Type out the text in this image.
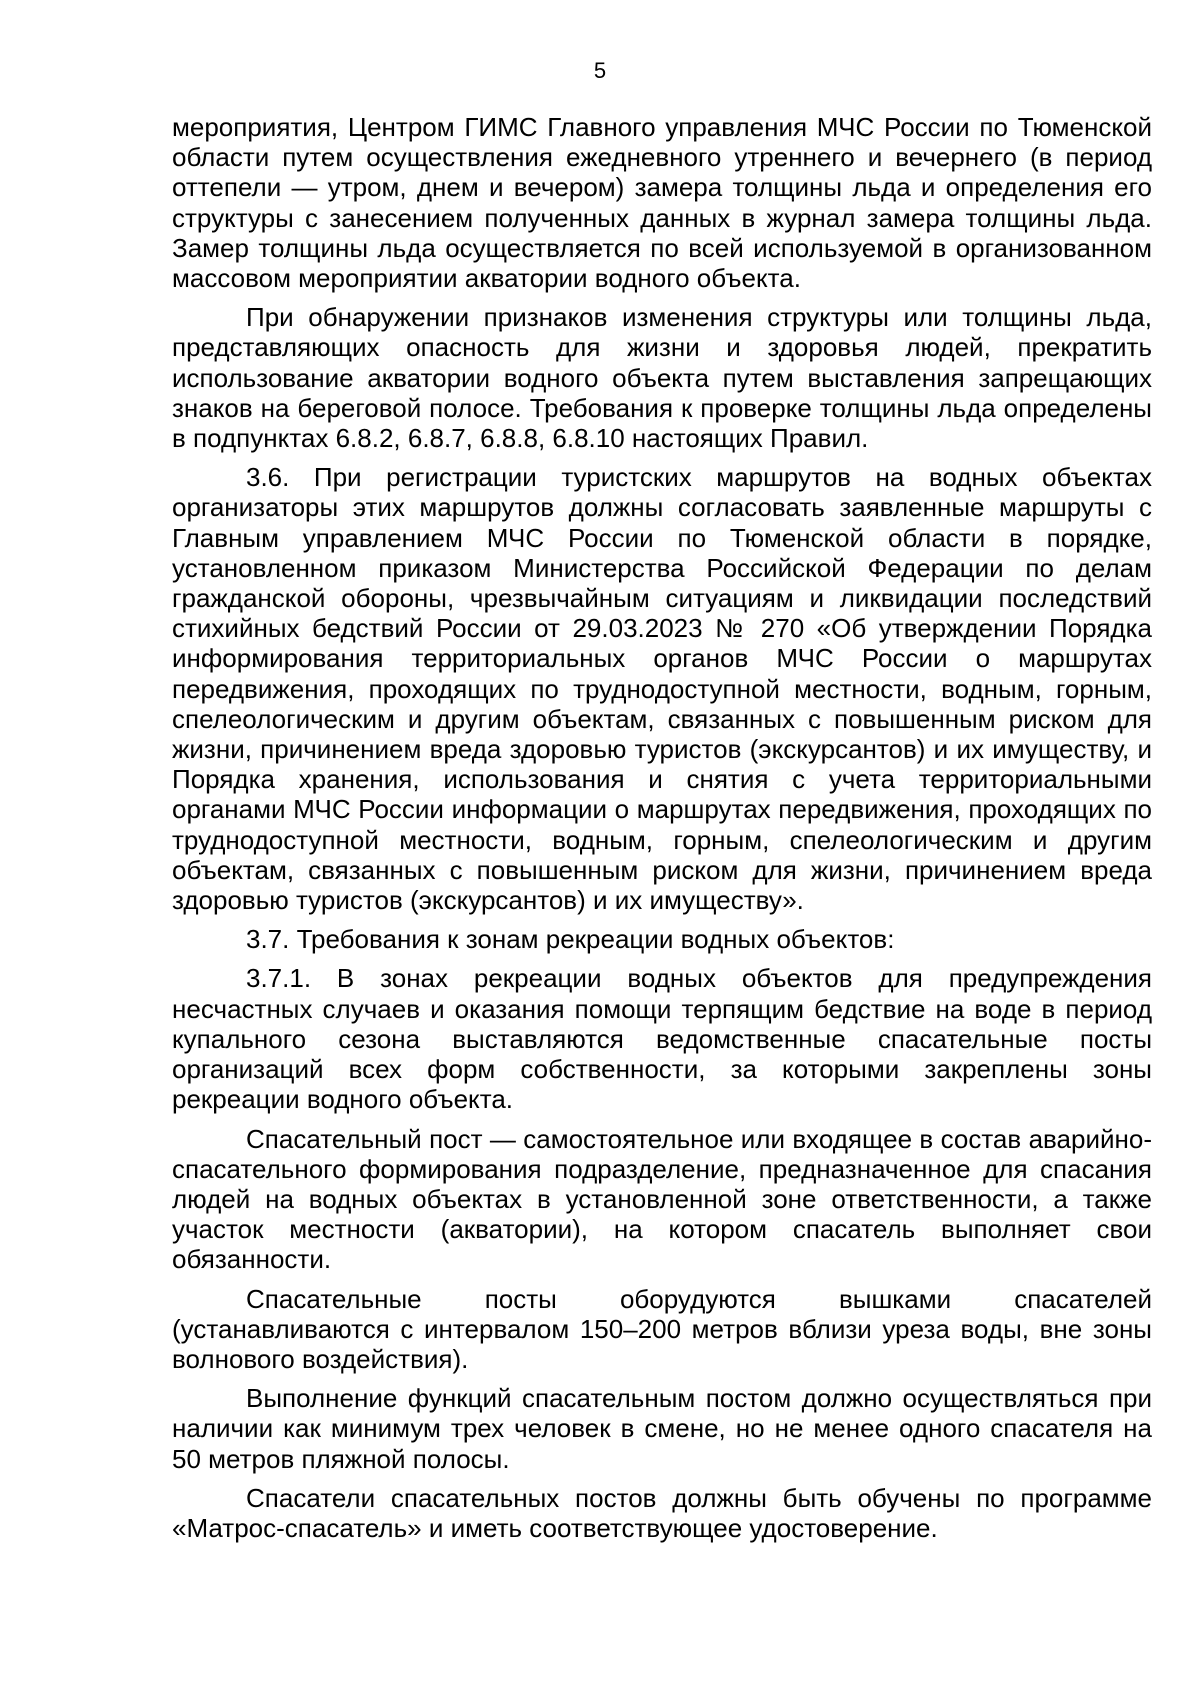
5

мероприятия, Центром ГИМС Главного управления МЧС России по Тюменской области путем осуществления ежедневного утреннего и вечернего (в период оттепели — утром, днем и вечером) замера толщины льда и определения его структуры с занесением полученных данных в журнал замера толщины льда. Замер толщины льда осуществляется по всей используемой в организованном массовом мероприятии акватории водного объекта.

При обнаружении признаков изменения структуры или толщины льда, представляющих опасность для жизни и здоровья людей, прекратить использование акватории водного объекта путем выставления запрещающих знаков на береговой полосе. Требования к проверке толщины льда определены в подпунктах 6.8.2, 6.8.7, 6.8.8, 6.8.10 настоящих Правил.

3.6. При регистрации туристских маршрутов на водных объектах организаторы этих маршрутов должны согласовать заявленные маршруты с Главным управлением МЧС России по Тюменской области в порядке, установленном приказом Министерства Российской Федерации по делам гражданской обороны, чрезвычайным ситуациям и ликвидации последствий стихийных бедствий России от 29.03.2023 № 270 «Об утверждении Порядка информирования территориальных органов МЧС России о маршрутах передвижения, проходящих по труднодоступной местности, водным, горным, спелеологическим и другим объектам, связанных с повышенным риском для жизни, причинением вреда здоровью туристов (экскурсантов) и их имуществу, и Порядка хранения, использования и снятия с учета территориальными органами МЧС России информации о маршрутах передвижения, проходящих по труднодоступной местности, водным, горным, спелеологическим и другим объектам, связанных с повышенным риском для жизни, причинением вреда здоровью туристов (экскурсантов) и их имуществу».

3.7. Требования к зонам рекреации водных объектов:

3.7.1. В зонах рекреации водных объектов для предупреждения несчастных случаев и оказания помощи терпящим бедствие на воде в период купального сезона выставляются ведомственные спасательные посты организаций всех форм собственности, за которыми закреплены зоны рекреации водного объекта.

Спасательный пост — самостоятельное или входящее в состав аварийно-спасательного формирования подразделение, предназначенное для спасания людей на водных объектах в установленной зоне ответственности, а также участок местности (акватории), на котором спасатель выполняет свои обязанности.

Спасательные посты оборудуются вышками спасателей (устанавливаются с интервалом 150–200 метров вблизи уреза воды, вне зоны волнового воздействия).

Выполнение функций спасательным постом должно осуществляться при наличии как минимум трех человек в смене, но не менее одного спасателя на 50 метров пляжной полосы.

Спасатели спасательных постов должны быть обучены по программе «Матрос-спасатель» и иметь соответствующее удостоверение.
